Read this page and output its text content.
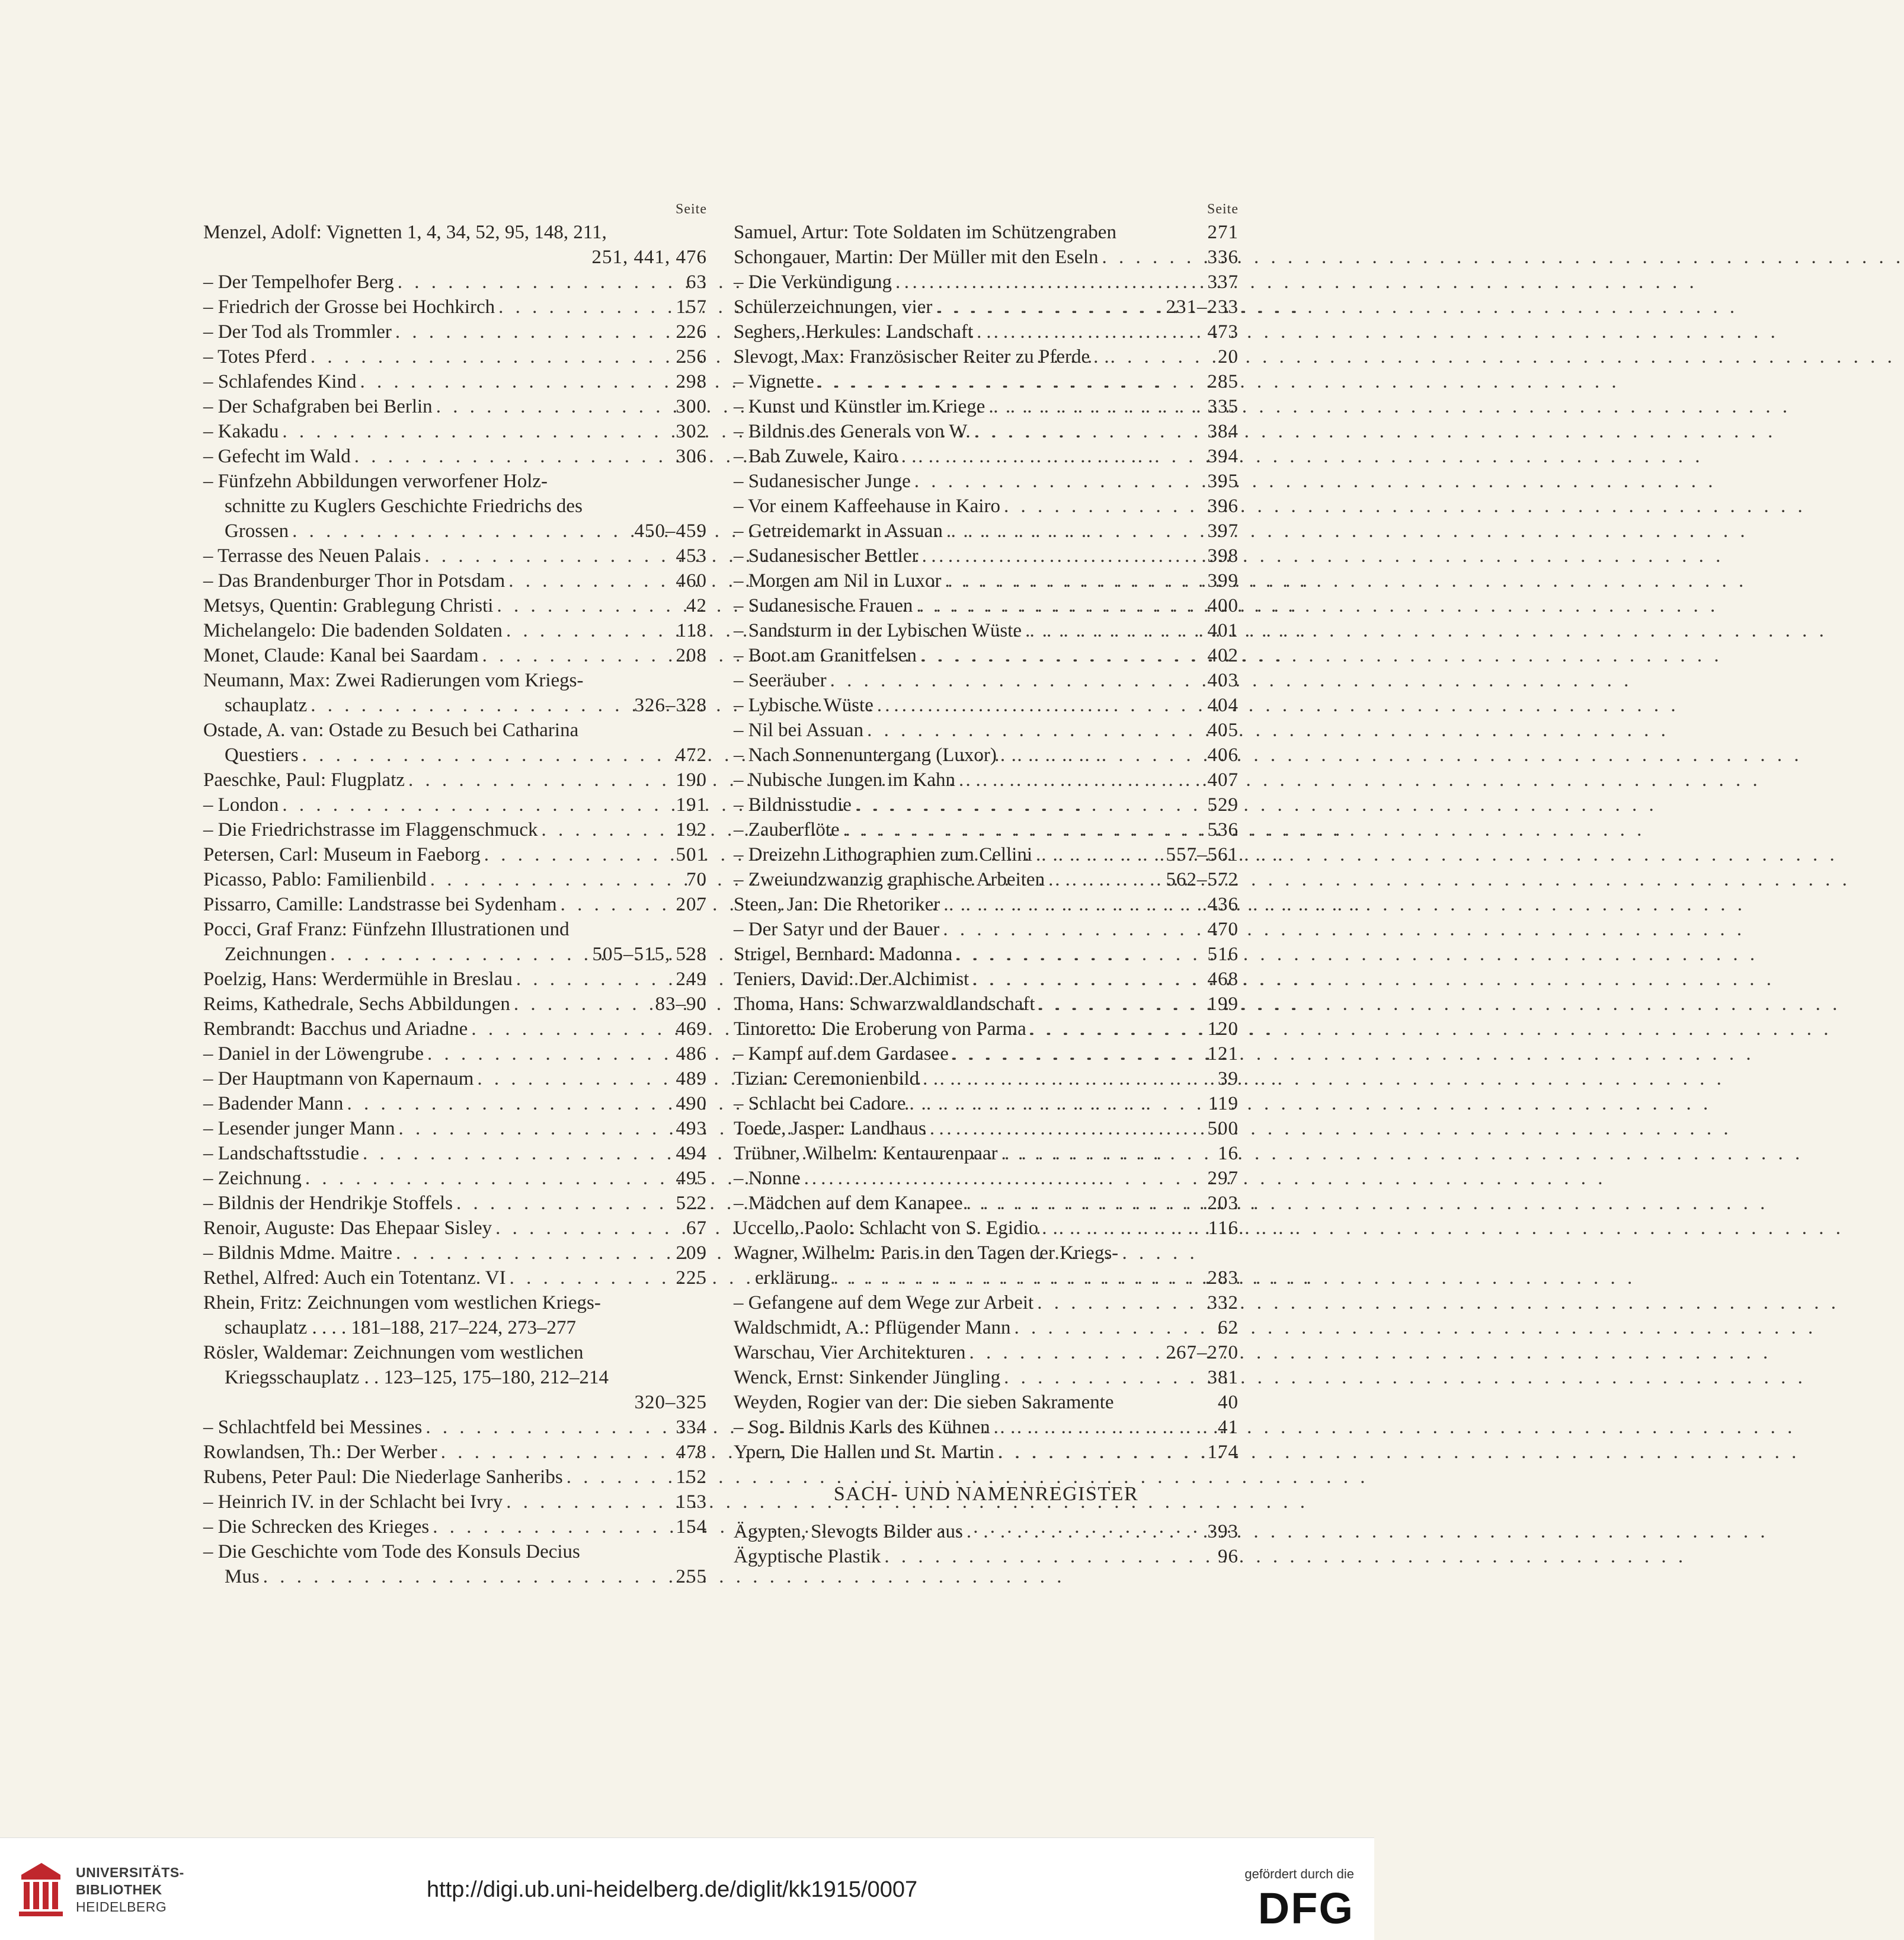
Seite
Menzel, Adolf: Vignetten 1, 4, 34, 52, 95, 148, 211,
251, 441, 476
– Der Tempelhofer Berg . . .	63
– Friedrich der Grosse bei Hochkirch . . .	157
– Der Tod als Trommler . . .	226
– Totes Pferd . . .	256
– Schlafendes Kind . . .	298
– Der Schafgraben bei Berlin . . .	300
– Kakadu . . .	302
– Gefecht im Wald . . .	306
– Fünfzehn Abbildungen verworfener Holz-
schnitte zu Kuglers Geschichte Friedrichs des
Grossen . . .	450–459
– Terrasse des Neuen Palais . . .	453
– Das Brandenburger Thor in Potsdam . . .	460
Metsys, Quentin: Grablegung Christi . . .	42
Michelangelo: Die badenden Soldaten . . .	118
Monet, Claude: Kanal bei Saardam . . .	208
Neumann, Max: Zwei Radierungen vom Kriegs-
schauplatz . . .	326–328
Ostade, A. van: Ostade zu Besuch bei Catharina
Questiers . . .	472
Paeschke, Paul: Flugplatz . . .	190
– London . . .	191
– Die Friedrichstrasse im Flaggenschmuck . . .	192
Petersen, Carl: Museum in Faeborg . . .	501
Picasso, Pablo: Familienbild . . .	70
Pissarro, Camille: Landstrasse bei Sydenham . . .	207
Pocci, Graf Franz: Fünfzehn Illustrationen und
Zeichnungen . . .	505–515, 528
Poelzig, Hans: Werdermühle in Breslau . . .	249
Reims, Kathedrale, Sechs Abbildungen . . .	83–90
Rembrandt: Bacchus und Ariadne . . .	469
– Daniel in der Löwengrube . . .	486
– Der Hauptmann von Kapernaum . . .	489
– Badender Mann . . .	490
– Lesender junger Mann . . .	493
– Landschaftsstudie . . .	494
– Zeichnung . . .	495
– Bildnis der Hendrikje Stoffels . . .	522
Renoir, Auguste: Das Ehepaar Sisley . . .	67
– Bildnis Mdme. Maitre . . .	209
Rethel, Alfred: Auch ein Totentanz. VI . . .	225
Rhein, Fritz: Zeichnungen vom westlichen Kriegs-
schauplatz . . . . 181–188, 217–224, 273–277
Rösler, Waldemar: Zeichnungen vom westlichen
Kriegsschauplatz . . 123–125, 175–180, 212–214
320–325
– Schlachtfeld bei Messines . . .	334
Rowlandsen, Th.: Der Werber . . .	478
Rubens, Peter Paul: Die Niederlage Sanheribs . . .	152
– Heinrich IV. in der Schlacht bei Ivry . . .	153
– Die Schrecken des Krieges . . .	154
– Die Geschichte vom Tode des Konsuls Decius
Mus . . .	255
Seite
Samuel, Artur: Tote Soldaten im Schützengraben	271
Schongauer, Martin: Der Müller mit den Eseln . . .	336
– Die Verkündigung . . .	337
Schülerzeichnungen, vier . . .	231–233
Seghers, Herkules: Landschaft . . .	473
Slevogt, Max: Französischer Reiter zu Pferde . . .	20
– Vignette . . .	285
– Kunst und Künstler im Kriege . . .	335
– Bildnis des Generals von W. . . .	384
– Bab Zuwele, Kairo . . .	394
– Sudanesischer Junge . . .	395
– Vor einem Kaffeehause in Kairo . . .	396
– Getreidemarkt in Assuan . . .	397
– Sudanesischer Bettler . . .	398
– Morgen am Nil in Luxor . . .	399
– Sudanesische Frauen . . .	400
– Sandsturm in der Lybischen Wüste . . .	401
– Boot am Granitfelsen . . .	402
– Seeräuber . . .	403
– Lybische Wüste . . .	404
– Nil bei Assuan . . .	405
– Nach Sonnenuntergang (Luxor) . . .	406
– Nubische Jungen im Kahn . . .	407
– Bildnisstudie . . .	529
– Zauberflöte . . .	536
– Dreizehn Lithographien zum Cellini . . .	557–561
– Zweiundzwanzig graphische Arbeiten . . .	562–572
Steen, Jan: Die Rhetoriker . . .	436
– Der Satyr und der Bauer . . .	470
Strigel, Bernhard: Madonna . . .	516
Teniers, David: Der Alchimist . . .	468
Thoma, Hans: Schwarzwaldlandschaft . . .	199
Tintoretto: Die Eroberung von Parma . . .	120
– Kampf auf dem Gardasee . . .	121
Tizian: Ceremonienbild . . .	39
– Schlacht bei Cadore . . .	119
Toede, Jasper: Landhaus . . .	500
Trübner, Wilhelm: Kentaurenpaar . . .	16
– Nonne . . .	297
– Mädchen auf dem Kanapee . . .	203
Uccello, Paolo: Schlacht von S. Egidio . . .	116
Wagner, Wilhelm: Paris in den Tagen der Kriegs-
erklärung . . .	283
– Gefangene auf dem Wege zur Arbeit . . .	332
Waldschmidt, A.: Pflügender Mann . . .	62
Warschau, Vier Architekturen . . .	267–270
Wenck, Ernst: Sinkender Jüngling . . .	381
Weyden, Rogier van der: Die sieben Sakramente	40
– Sog. Bildnis Karls des Kühnen . . .	41
Ypern, Die Hallen und St. Martin . . .	174
SACH- UND NAMENREGISTER
Ägypten, Slevogts Bilder aus . . .	393
Ägyptische Plastik . . .	96
UNIVERSITÄTS-
BIBLIOTHEK
HEIDELBERG
http://digi.ub.uni-heidelberg.de/diglit/kk1915/0007
gefördert durch die
DFG
